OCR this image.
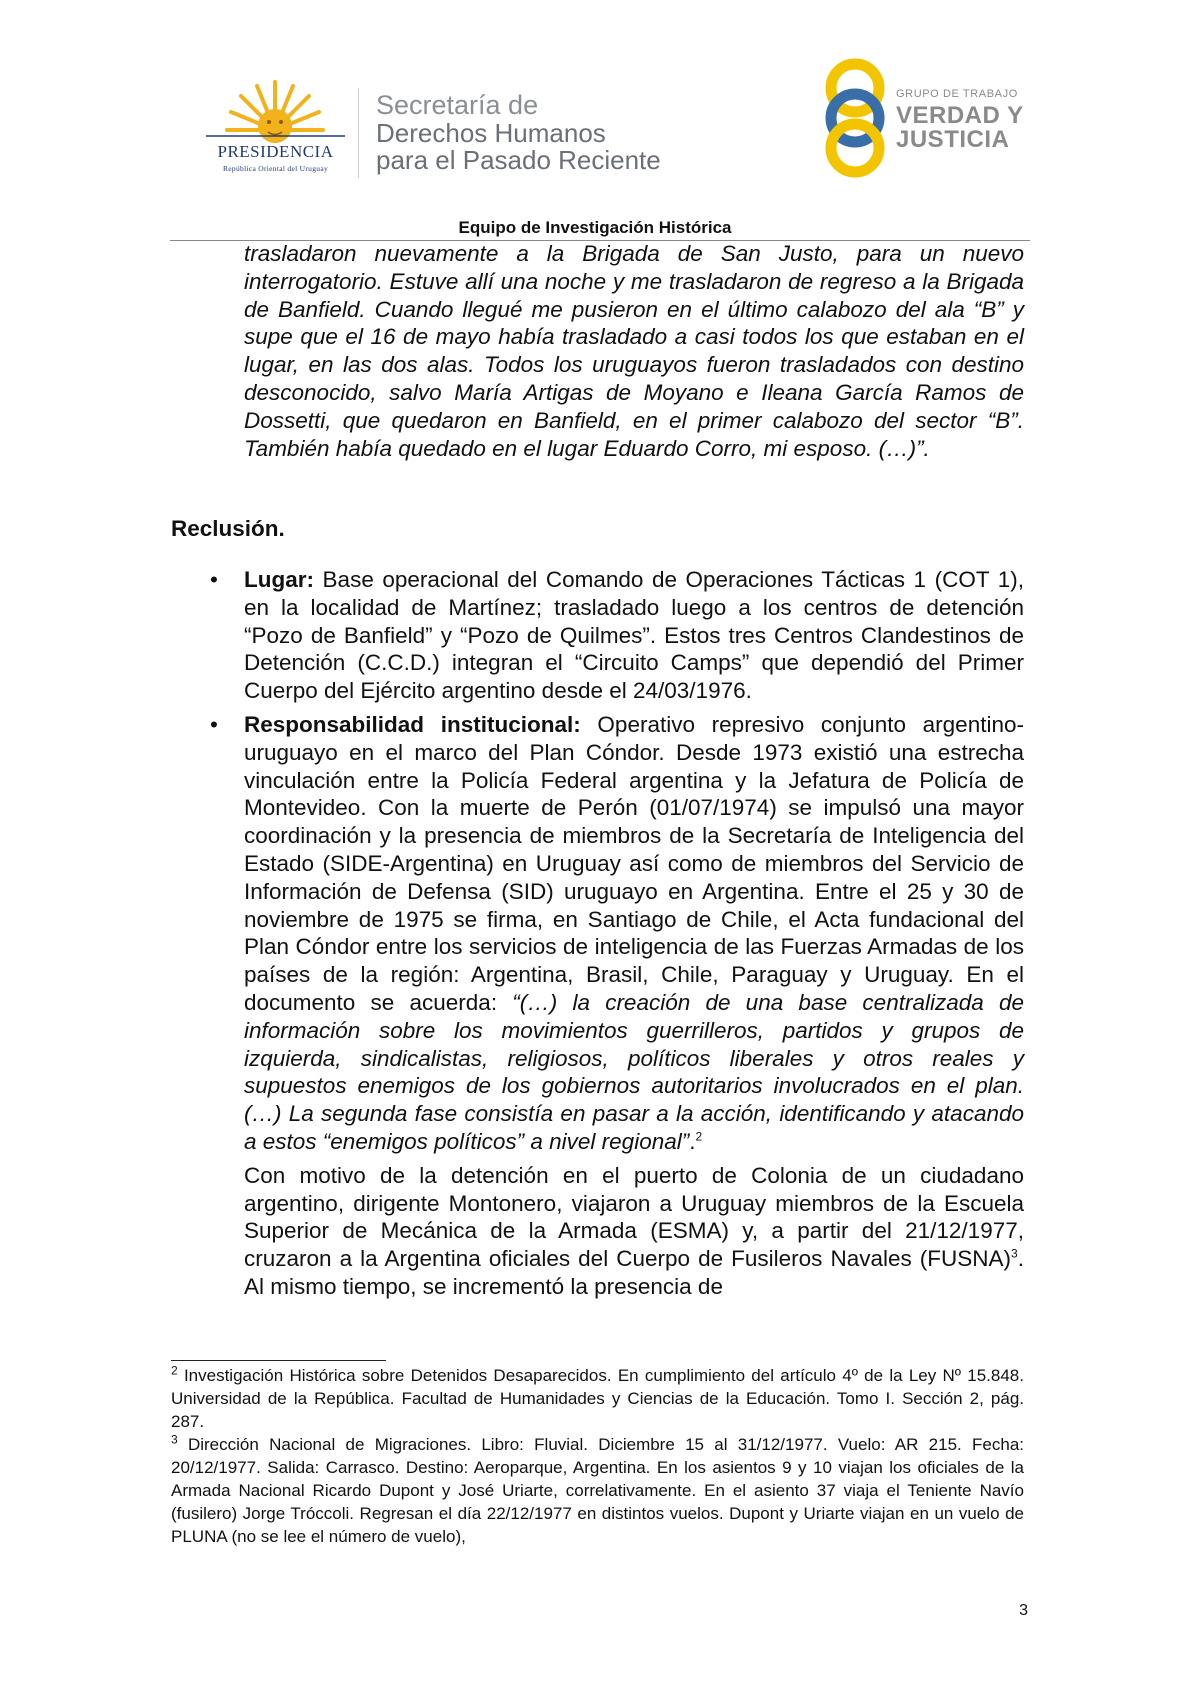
PRESIDENCIA
República Oriental del Uruguay
Secretaría de
Derechos Humanos
para el Pasado Reciente
GRUPO DE TRABAJO
VERDAD Y
JUSTICIA
Equipo de Investigación Histórica
trasladaron nuevamente a la Brigada de San Justo, para un nuevo interrogatorio. Estuve allí una noche y me trasladaron de regreso a la Brigada de Banfield. Cuando llegué me pusieron en el último calabozo del ala “B” y supe que el 16 de mayo había trasladado a casi todos los que estaban en el lugar, en las dos alas. Todos los uruguayos fueron trasladados con destino desconocido, salvo María Artigas de Moyano e Ileana García Ramos de Dossetti, que quedaron en Banfield, en el primer calabozo del sector “B”. También había quedado en el lugar Eduardo Corro, mi esposo. (…)”.
Reclusión.
• Lugar: Base operacional del Comando de Operaciones Tácticas 1 (COT 1), en la localidad de Martínez; trasladado luego a los centros de detención “Pozo de Banfield” y “Pozo de Quilmes”. Estos tres Centros Clandestinos de Detención (C.C.D.) integran el “Circuito Camps” que dependió del Primer Cuerpo del Ejército argentino desde el 24/03/1976.

• Responsabilidad institucional: Operativo represivo conjunto argentino-uruguayo en el marco del Plan Cóndor. Desde 1973 existió una estrecha vinculación entre la Policía Federal argentina y la Jefatura de Policía de Montevideo. Con la muerte de Perón (01/07/1974) se impulsó una mayor coordinación y la presencia de miembros de la Secretaría de Inteligencia del Estado (SIDE-Argentina) en Uruguay así como de miembros del Servicio de Información de Defensa (SID) uruguayo en Argentina. Entre el 25 y 30 de noviembre de 1975 se firma, en Santiago de Chile, el Acta fundacional del Plan Cóndor entre los servicios de inteligencia de las Fuerzas Armadas de los países de la región: Argentina, Brasil, Chile, Paraguay y Uruguay. En el documento se acuerda: “(…) la creación de una base centralizada de información sobre los movimientos guerrilleros, partidos y grupos de izquierda, sindicalistas, religiosos, políticos liberales y otros reales y supuestos enemigos de los gobiernos autoritarios involucrados en el plan. (…) La segunda fase consistía en pasar a la acción, identificando y atacando a estos “enemigos políticos” a nivel regional”.$^2$

Con motivo de la detención en el puerto de Colonia de un ciudadano argentino, dirigente Montonero, viajaron a Uruguay miembros de la Escuela Superior de Mecánica de la Armada (ESMA) y, a partir del 21/12/1977, cruzaron a la Argentina oficiales del Cuerpo de Fusileros Navales (FUSNA)$^3$. Al mismo tiempo, se incrementó la presencia de

$^2$ Investigación Histórica sobre Detenidos Desaparecidos. En cumplimiento del artículo 4º de la Ley Nº 15.848. Universidad de la República. Facultad de Humanidades y Ciencias de la Educación. Tomo I. Sección 2, pág. 287.

$^3$ Dirección Nacional de Migraciones. Libro: Fluvial. Diciembre 15 al 31/12/1977. Vuelo: AR 215. Fecha: 20/12/1977. Salida: Carrasco. Destino: Aeroparque, Argentina. En los asientos 9 y 10 viajan los oficiales de la Armada Nacional Ricardo Dupont y José Uriarte, correlativamente. En el asiento 37 viaja el Teniente Navío (fusilero) Jorge Tróccoli. Regresan el día 22/12/1977 en distintos vuelos. Dupont y Uriarte viajan en un vuelo de PLUNA (no se lee el número de vuelo),

3
